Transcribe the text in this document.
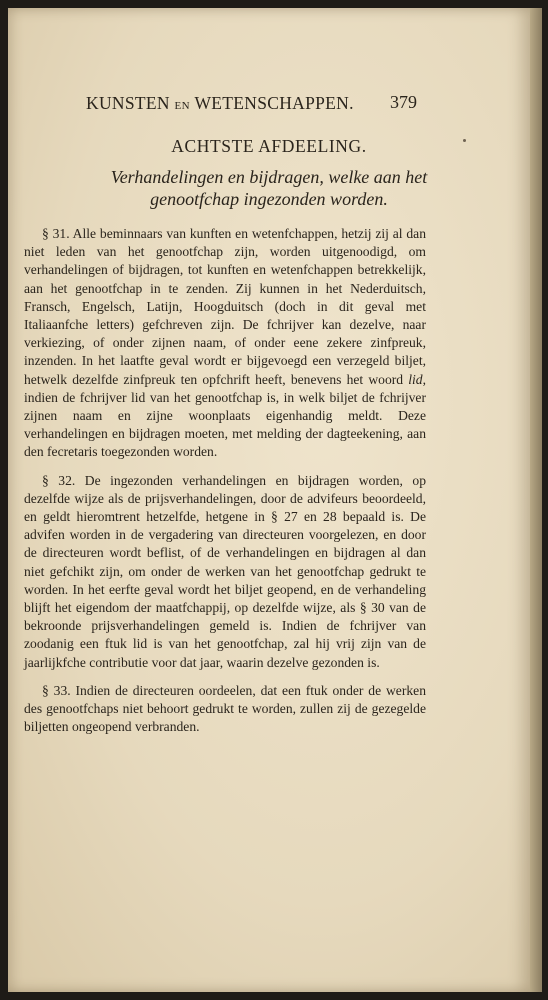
KUNSTEN EN WETENSCHAPPEN. 379
ACHTSTE AFDEELING.
Verhandelingen en bijdragen, welke aan het
genootfchap ingezonden worden.

§ 31. Alle beminnaars van kunften en wetenfchappen, hetzij zij al dan niet leden van het genootfchap zijn, worden uitgenoodigd, om verhandelingen of bijdragen, tot kunften en wetenfchappen betrekkelijk, aan het genootfchap in te zenden. Zij kunnen in het Nederduitsch, Fransch, Engelsch, Latijn, Hoogduitsch (doch in dit geval met Italiaanfche letters) gefchreven zijn. De fchrijver kan dezelve, naar verkiezing, of onder zijnen naam, of onder eene zekere zinfpreuk, inzenden. In het laatfte geval wordt er bijgevoegd een verzegeld biljet, hetwelk dezelfde zinfpreuk ten opfchrift heeft, benevens het woord lid, indien de fchrijver lid van het genootfchap is, in welk biljet de fchrijver zijnen naam en zijne woonplaats eigenhandig meldt. Deze verhandelingen en bijdragen moeten, met melding der dagteekening, aan den fecretaris toegezonden worden.

§ 32. De ingezonden verhandelingen en bijdragen worden, op dezelfde wijze als de prijsverhandelingen, door de advifeurs beoordeeld, en geldt hieromtrent hetzelfde, hetgene in § 27 en 28 bepaald is. De advifen worden in de vergadering van directeuren voorgelezen, en door de directeuren wordt beflist, of de verhandelingen en bijdragen al dan niet gefchikt zijn, om onder de werken van het genootfchap gedrukt te worden. In het eerfte geval wordt het biljet geopend, en de verhandeling blijft het eigendom der maatfchappij, op dezelfde wijze, als § 30 van de bekroonde prijsverhandelingen gemeld is. Indien de fchrijver van zoodanig een ftuk lid is van het genootfchap, zal hij vrij zijn van de jaarlijkfche contributie voor dat jaar, waarin dezelve gezonden is.

§ 33. Indien de directeuren oordeelen, dat een ftuk onder de werken des genootfchaps niet behoort gedrukt te worden, zullen zij de gezegelde biljetten ongeopend verbranden.
